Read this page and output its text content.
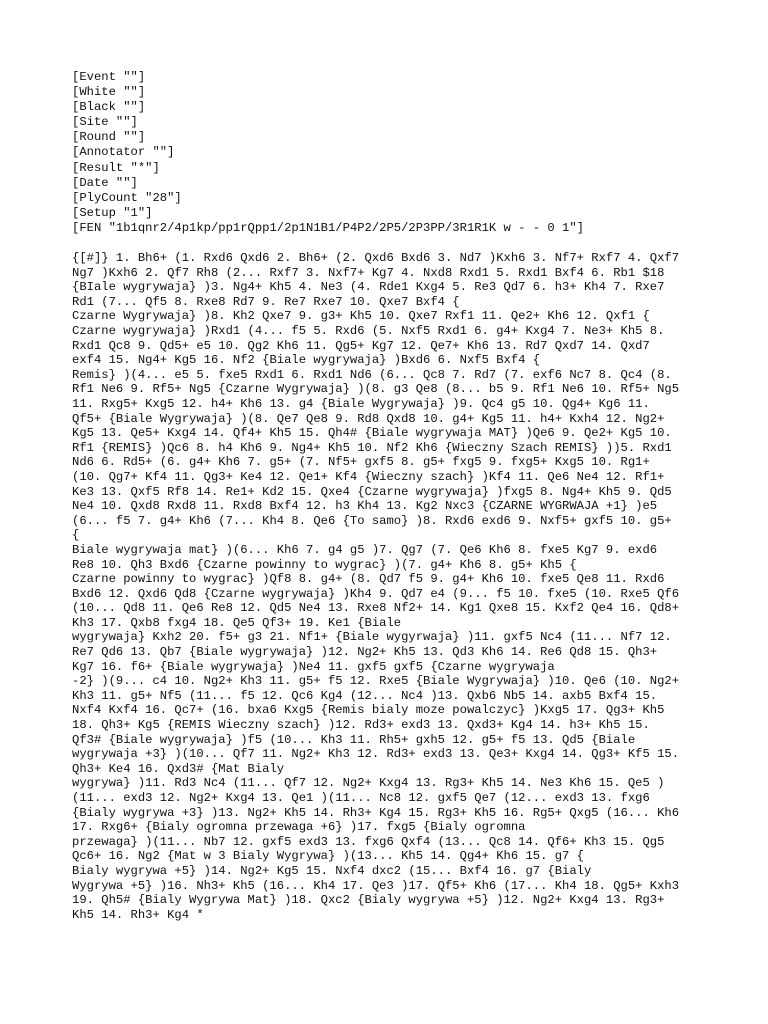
[Event ""]
[White ""]
[Black ""]
[Site ""]
[Round ""]
[Annotator ""]
[Result "*"]
[Date ""]
[PlyCount "28"]
[Setup "1"]
[FEN "1b1qnr2/4p1kp/pp1rQpp1/2p1N1B1/P4P2/2P5/2P3PP/3R1R1K w - - 0 1"]
{[#]} 1. Bh6+ (1. Rxd6 Qxd6 2. Bh6+ (2. Qxd6 Bxd6 3. Nd7 )Kxh6 3. Nf7+ Rxf7 4. Qxf7
Ng7 )Kxh6 2. Qf7 Rh8 (2... Rxf7 3. Nxf7+ Kg7 4. Nxd8 Rxd1 5. Rxd1 Bxf4 6. Rb1 $18
{BIale wygrywaja} )3. Ng4+ Kh5 4. Ne3 (4. Rde1 Kxg4 5. Re3 Qd7 6. h3+ Kh4 7. Rxe7
Rd1 (7... Qf5 8. Rxe8 Rd7 9. Re7 Rxe7 10. Qxe7 Bxf4 {
Czarne Wygrywaja} )8. Kh2 Qxe7 9. g3+ Kh5 10. Qxe7 Rxf1 11. Qe2+ Kh6 12. Qxf1 {
Czarne wygrywaja} )Rxd1 (4... f5 5. Rxd6 (5. Nxf5 Rxd1 6. g4+ Kxg4 7. Ne3+ Kh5 8.
Rxd1 Qc8 9. Qd5+ e5 10. Qg2 Kh6 11. Qg5+ Kg7 12. Qe7+ Kh6 13. Rd7 Qxd7 14. Qxd7
exf4 15. Ng4+ Kg5 16. Nf2 {Biale wygrywaja} )Bxd6 6. Nxf5 Bxf4 {
Remis} )(4... e5 5. fxe5 Rxd1 6. Rxd1 Nd6 (6... Qc8 7. Rd7 (7. exf6 Nc7 8. Qc4 (8.
Rf1 Ne6 9. Rf5+ Ng5 {Czarne Wygrywaja} )(8. g3 Qe8 (8... b5 9. Rf1 Ne6 10. Rf5+ Ng5
11. Rxg5+ Kxg5 12. h4+ Kh6 13. g4 {Biale Wygrywaja} )9. Qc4 g5 10. Qg4+ Kg6 11.
Qf5+ {Biale Wygrywaja} )(8. Qe7 Qe8 9. Rd8 Qxd8 10. g4+ Kg5 11. h4+ Kxh4 12. Ng2+
Kg5 13. Qe5+ Kxg4 14. Qf4+ Kh5 15. Qh4# {Biale wygrywaja MAT} )Qe6 9. Qe2+ Kg5 10.
Rf1 {REMIS} )Qc6 8. h4 Kh6 9. Ng4+ Kh5 10. Nf2 Kh6 {Wieczny Szach REMIS} ))5. Rxd1
Nd6 6. Rd5+ (6. g4+ Kh6 7. g5+ (7. Nf5+ gxf5 8. g5+ fxg5 9. fxg5+ Kxg5 10. Rg1+
(10. Qg7+ Kf4 11. Qg3+ Ke4 12. Qe1+ Kf4 {Wieczny szach} )Kf4 11. Qe6 Ne4 12. Rf1+
Ke3 13. Qxf5 Rf8 14. Re1+ Kd2 15. Qxe4 {Czarne wygrywaja} )fxg5 8. Ng4+ Kh5 9. Qd5
Ne4 10. Qxd8 Rxd8 11. Rxd8 Bxf4 12. h3 Kh4 13. Kg2 Nxc3 {CZARNE WYGRWAJA +1} )e5
(6... f5 7. g4+ Kh6 (7... Kh4 8. Qe6 {To samo} )8. Rxd6 exd6 9. Nxf5+ gxf5 10. g5+
{
Biale wygrywaja mat} )(6... Kh6 7. g4 g5 )7. Qg7 (7. Qe6 Kh6 8. fxe5 Kg7 9. exd6
Re8 10. Qh3 Bxd6 {Czarne powinny to wygrac} )(7. g4+ Kh6 8. g5+ Kh5 {
Czarne powinny to wygrac} )Qf8 8. g4+ (8. Qd7 f5 9. g4+ Kh6 10. fxe5 Qe8 11. Rxd6
Bxd6 12. Qxd6 Qd8 {Czarne wygrywaja} )Kh4 9. Qd7 e4 (9... f5 10. fxe5 (10. Rxe5 Qf6
(10... Qd8 11. Qe6 Re8 12. Qd5 Ne4 13. Rxe8 Nf2+ 14. Kg1 Qxe8 15. Kxf2 Qe4 16. Qd8+
Kh3 17. Qxb8 fxg4 18. Qe5 Qf3+ 19. Ke1 {Biale
wygrywaja} Kxh2 20. f5+ g3 21. Nf1+ {Biale wygyrwaja} )11. gxf5 Nc4 (11... Nf7 12.
Re7 Qd6 13. Qb7 {Biale wygrywaja} )12. Ng2+ Kh5 13. Qd3 Kh6 14. Re6 Qd8 15. Qh3+
Kg7 16. f6+ {Biale wygrywaja} )Ne4 11. gxf5 gxf5 {Czarne wygrywaja
-2} )(9... c4 10. Ng2+ Kh3 11. g5+ f5 12. Rxe5 {Biale Wygrywaja} )10. Qe6 (10. Ng2+
Kh3 11. g5+ Nf5 (11... f5 12. Qc6 Kg4 (12... Nc4 )13. Qxb6 Nb5 14. axb5 Bxf4 15.
Nxf4 Kxf4 16. Qc7+ (16. bxa6 Kxg5 {Remis bialy moze powalczyc} )Kxg5 17. Qg3+ Kh5
18. Qh3+ Kg5 {REMIS Wieczny szach} )12. Rd3+ exd3 13. Qxd3+ Kg4 14. h3+ Kh5 15.
Qf3# {Biale wygrywaja} )f5 (10... Kh3 11. Rh5+ gxh5 12. g5+ f5 13. Qd5 {Biale
wygrywaja +3} )(10... Qf7 11. Ng2+ Kh3 12. Rd3+ exd3 13. Qe3+ Kxg4 14. Qg3+ Kf5 15.
Qh3+ Ke4 16. Qxd3# {Mat Bialy
wygrywa} )11. Rd3 Nc4 (11... Qf7 12. Ng2+ Kxg4 13. Rg3+ Kh5 14. Ne3 Kh6 15. Qe5 )
(11... exd3 12. Ng2+ Kxg4 13. Qe1 )(11... Nc8 12. gxf5 Qe7 (12... exd3 13. fxg6
{Bialy wygrywa +3} )13. Ng2+ Kh5 14. Rh3+ Kg4 15. Rg3+ Kh5 16. Rg5+ Qxg5 (16... Kh6
17. Rxg6+ {Bialy ogromna przewaga +6} )17. fxg5 {Bialy ogromna
przewaga} )(11... Nb7 12. gxf5 exd3 13. fxg6 Qxf4 (13... Qc8 14. Qf6+ Kh3 15. Qg5
Qc6+ 16. Ng2 {Mat w 3 Bialy Wygrywa} )(13... Kh5 14. Qg4+ Kh6 15. g7 {
Bialy wygrywa +5} )14. Ng2+ Kg5 15. Nxf4 dxc2 (15... Bxf4 16. g7 {Bialy
Wygrywa +5} )16. Nh3+ Kh5 (16... Kh4 17. Qe3 )17. Qf5+ Kh6 (17... Kh4 18. Qg5+ Kxh3
19. Qh5# {Bialy Wygrywa Mat} )18. Qxc2 {Bialy wygrywa +5} )12. Ng2+ Kxg4 13. Rg3+
Kh5 14. Rh3+ Kg4 *
